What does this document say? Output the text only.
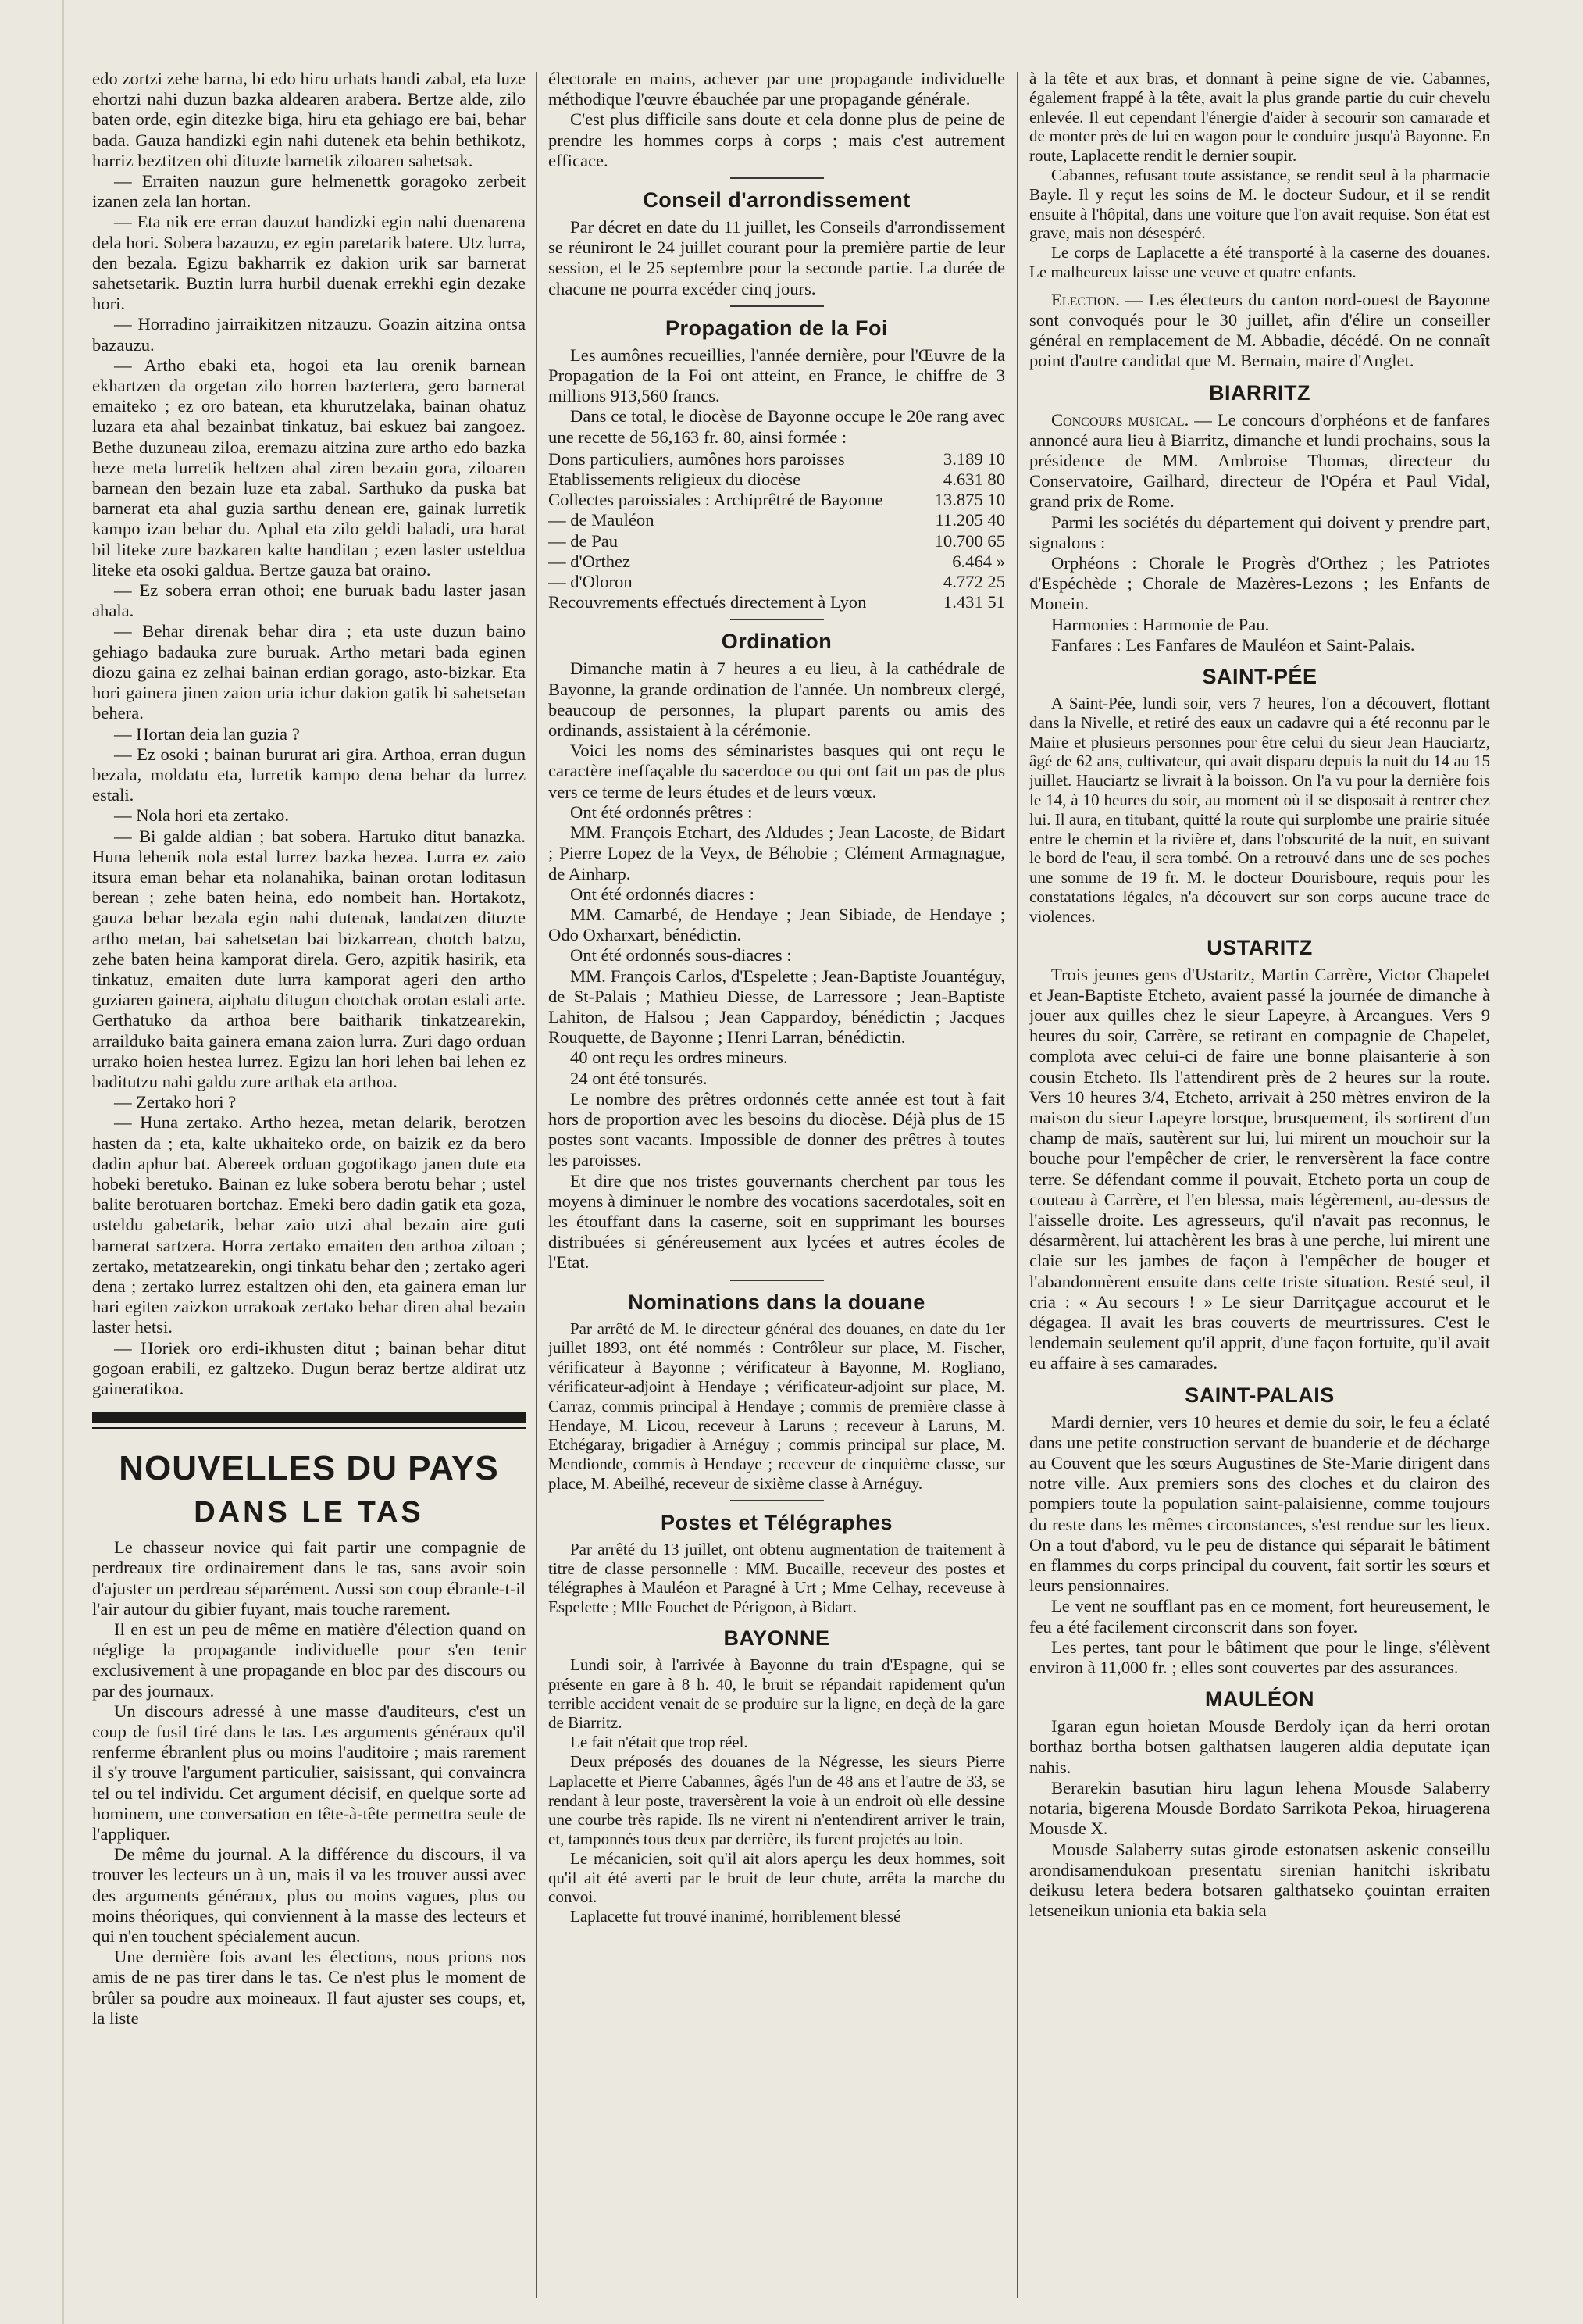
edo zortzi zehe barna, bi edo hiru urhats handi zabal, eta luze ehortzi nahi duzun bazka aldearen arabera. Bertze alde, zilo baten orde, egin ditezke biga, hiru eta gehiago ere bai, behar bada. Gauza handizki egin nahi dutenek eta behin bethikotz, harriz beztitzen ohi dituzte barnetik ziloaren sahetsak.

— Erraiten nauzun gure helmenettk goragoko zerbeit izanen zela lan hortan.

— Eta nik ere erran dauzut handizki egin nahi duenarena dela hori. Sobera bazauzu, ez egin paretarik batere. Utz lurra, den bezala. Egizu bakharrik ez dakion urik sar barnerat sahetsetarik. Buztin lurra hurbil duenak errekhi egin dezake hori.

— Horradino jairraikitzen nitzauzu. Goazin aitzina ontsa bazauzu.

— Artho ebaki eta, hogoi eta lau orenik barnean ekhartzen da orgetan zilo horren baztertera, gero barnerat emaiteko ; ez oro batean, eta khurutzelaka, bainan ohatuz luzara eta ahal bezainbat tinkatuz, bai eskuez bai zangoez. Bethe duzuneau ziloa, eremazu aitzina zure artho edo bazka heze meta lurretik heltzen ahal ziren bezain gora, ziloaren barnean den bezain luze eta zabal. Sarthuko da puska bat barnerat eta ahal guzia sarthu denean ere, gainak lurretik kampo izan behar du. Aphal eta zilo geldi baladi, ura harat bil liteke zure bazkaren kalte handitan ; ezen laster usteldua liteke eta osoki galdua. Bertze gauza bat oraino.

— Ez sobera erran othoi; ene buruak badu laster jasan ahala.

— Behar direnak behar dira ; eta uste duzun baino gehiago badauka zure buruak. Artho metari bada eginen diozu gaina ez zelhai bainan erdian gorago, asto-bizkar. Eta hori gainera jinen zaion uria ichur dakion gatik bi sahetsetan behera.

— Hortan deia lan guzia ?

— Ez osoki ; bainan bururat ari gira. Arthoa, erran dugun bezala, moldatu eta, lurretik kampo dena behar da lurrez estali.

— Nola hori eta zertako.

— Bi galde aldian ; bat sobera. Hartuko ditut banazka. Huna lehenik nola estal lurrez bazka hezea. Lurra ez zaio itsura eman behar eta nolanahika, bainan orotan loditasun berean ; zehe baten heina, edo nombeit han. Hortakotz, gauza behar bezala egin nahi dutenak, landatzen dituzte artho metan, bai sahetsetan bai bizkarrean, chotch batzu, zehe baten heina kamporat direla. Gero, azpitik hasirik, eta tinkatuz, emaiten dute lurra kamporat ageri den artho guziaren gainera, aiphatu ditugun chotchak orotan estali arte. Gerthatuko da arthoa bere baitharik tinkatzearekin, arrailduko baita gainera emana zaion lurra. Zuri dago orduan urrako hoien hestea lurrez. Egizu lan hori lehen bai lehen ez baditutzu nahi galdu zure arthak eta arthoa.

— Zertako hori ?

— Huna zertako. Artho hezea, metan delarik, berotzen hasten da ; eta, kalte ukhaiteko orde, on baizik ez da bero dadin aphur bat. Abereek orduan gogotikago janen dute eta hobeki beretuko. Bainan ez luke sobera berotu behar ; ustel balite berotuaren bortchaz. Emeki bero dadin gatik eta goza, usteldu gabetarik, behar zaio utzi ahal bezain aire guti barnerat sartzera. Horra zertako emaiten den arthoa ziloan ; zertako, metatzearekin, ongi tinkatu behar den ; zertako ageri dena ; zertako lurrez estaltzen ohi den, eta gainera eman lur hari egiten zaizkon urrakoak zertako behar diren ahal bezain laster hetsi.

— Horiek oro erdi-ikhusten ditut ; bainan behar ditut gogoan erabili, ez galtzeko. Dugun beraz bertze aldirat utz gaineratikoa.

NOUVELLES DU PAYS
DANS LE TAS

Le chasseur novice qui fait partir une compagnie de perdreaux tire ordinairement dans le tas, sans avoir soin d'ajuster un perdreau séparément. Aussi son coup ébranle-t-il l'air autour du gibier fuyant, mais touche rarement.

Il en est un peu de même en matière d'élection quand on néglige la propagande individuelle pour s'en tenir exclusivement à une propagande en bloc par des discours ou par des journaux.

Un discours adressé à une masse d'auditeurs, c'est un coup de fusil tiré dans le tas. Les arguments généraux qu'il renferme ébranlent plus ou moins l'auditoire ; mais rarement il s'y trouve l'argument particulier, saisissant, qui convaincra tel ou tel individu. Cet argument décisif, en quelque sorte ad hominem, une conversation en tête-à-tête permettra seule de l'appliquer.

De même du journal. A la différence du discours, il va trouver les lecteurs un à un, mais il va les trouver aussi avec des arguments généraux, plus ou moins vagues, plus ou moins théoriques, qui conviennent à la masse des lecteurs et qui n'en touchent spécialement aucun.

Une dernière fois avant les élections, nous prions nos amis de ne pas tirer dans le tas. Ce n'est plus le moment de brûler sa poudre aux moineaux. Il faut ajuster ses coups, et, la liste

électorale en mains, achever par une propagande individuelle méthodique l'œuvre ébauchée par une propagande générale.

C'est plus difficile sans doute et cela donne plus de peine de prendre les hommes corps à corps ; mais c'est autrement efficace.

Conseil d'arrondissement

Par décret en date du 11 juillet, les Conseils d'arrondissement se réuniront le 24 juillet courant pour la première partie de leur session, et le 25 septembre pour la seconde partie. La durée de chacune ne pourra excéder cinq jours.

Propagation de la Foi

Les aumônes recueillies, l'année dernière, pour l'Œuvre de la Propagation de la Foi ont atteint, en France, le chiffre de 3 millions 913,560 francs.

Dans ce total, le diocèse de Bayonne occupe le 20e rang avec une recette de 56,163 fr. 80, ainsi formée :

Dons particuliers, aumônes hors paroisses	3.189 10
Etablissements religieux du diocèse	4.631 80
Collectes paroissiales : Archiprêtré de Bayonne	13.875 10
— de Mauléon	11.205 40
— de Pau	10.700 65
— d'Orthez	6.464 »
— d'Oloron	4.772 25
Recouvrements effectués directement à Lyon	1.431 51
Ordination

Dimanche matin à 7 heures a eu lieu, à la cathédrale de Bayonne, la grande ordination de l'année. Un nombreux clergé, beaucoup de personnes, la plupart parents ou amis des ordinands, assistaient à la cérémonie.

Voici les noms des séminaristes basques qui ont reçu le caractère ineffaçable du sacerdoce ou qui ont fait un pas de plus vers ce terme de leurs études et de leurs vœux.

Ont été ordonnés prêtres :

MM. François Etchart, des Aldudes ; Jean Lacoste, de Bidart ; Pierre Lopez de la Veyx, de Béhobie ; Clément Armagnague, de Ainharp.

Ont été ordonnés diacres :

MM. Camarbé, de Hendaye ; Jean Sibiade, de Hendaye ; Odo Oxharxart, bénédictin.

Ont été ordonnés sous-diacres :

MM. François Carlos, d'Espelette ; Jean-Baptiste Jouantéguy, de St-Palais ; Mathieu Diesse, de Larressore ; Jean-Baptiste Lahiton, de Halsou ; Jean Cappardoy, bénédictin ; Jacques Rouquette, de Bayonne ; Henri Larran, bénédictin.

40 ont reçu les ordres mineurs.

24 ont été tonsurés.

Le nombre des prêtres ordonnés cette année est tout à fait hors de proportion avec les besoins du diocèse. Déjà plus de 15 postes sont vacants. Impossible de donner des prêtres à toutes les paroisses.

Et dire que nos tristes gouvernants cherchent par tous les moyens à diminuer le nombre des vocations sacerdotales, soit en les étouffant dans la caserne, soit en supprimant les bourses distribuées si généreusement aux lycées et autres écoles de l'Etat.

Nominations dans la douane

Par arrêté de M. le directeur général des douanes, en date du 1er juillet 1893, ont été nommés : Contrôleur sur place, M. Fischer, vérificateur à Bayonne ; vérificateur à Bayonne, M. Rogliano, vérificateur-adjoint à Hendaye ; vérificateur-adjoint sur place, M. Carraz, commis principal à Hendaye ; commis de première classe à Hendaye, M. Licou, receveur à Laruns ; receveur à Laruns, M. Etchégaray, brigadier à Arnéguy ; commis principal sur place, M. Mendionde, commis à Hendaye ; receveur de cinquième classe, sur place, M. Abeilhé, receveur de sixième classe à Arnéguy.

Postes et Télégraphes

Par arrêté du 13 juillet, ont obtenu augmentation de traitement à titre de classe personnelle : MM. Bucaille, receveur des postes et télégraphes à Mauléon et Paragné à Urt ; Mme Celhay, receveuse à Espelette ; Mlle Fouchet de Périgoon, à Bidart.

BAYONNE

Lundi soir, à l'arrivée à Bayonne du train d'Espagne, qui se présente en gare à 8 h. 40, le bruit se répandait rapidement qu'un terrible accident venait de se produire sur la ligne, en deçà de la gare de Biarritz.

Le fait n'était que trop réel.

Deux préposés des douanes de la Négresse, les sieurs Pierre Laplacette et Pierre Cabannes, âgés l'un de 48 ans et l'autre de 33, se rendant à leur poste, traversèrent la voie à un endroit où elle dessine une courbe très rapide. Ils ne virent ni n'entendirent arriver le train, et, tamponnés tous deux par derrière, ils furent projetés au loin.

Le mécanicien, soit qu'il ait alors aperçu les deux hommes, soit qu'il ait été averti par le bruit de leur chute, arrêta la marche du convoi.

Laplacette fut trouvé inanimé, horriblement blessé

à la tête et aux bras, et donnant à peine signe de vie. Cabannes, également frappé à la tête, avait la plus grande partie du cuir chevelu enlevée. Il eut cependant l'énergie d'aider à secourir son camarade et de monter près de lui en wagon pour le conduire jusqu'à Bayonne. En route, Laplacette rendit le dernier soupir.

Cabannes, refusant toute assistance, se rendit seul à la pharmacie Bayle. Il y reçut les soins de M. le docteur Sudour, et il se rendit ensuite à l'hôpital, dans une voiture que l'on avait requise. Son état est grave, mais non désespéré.

Le corps de Laplacette a été transporté à la caserne des douanes. Le malheureux laisse une veuve et quatre enfants.

Election. — Les électeurs du canton nord-ouest de Bayonne sont convoqués pour le 30 juillet, afin d'élire un conseiller général en remplacement de M. Abbadie, décédé. On ne connaît point d'autre candidat que M. Bernain, maire d'Anglet.

BIARRITZ

Concours musical. — Le concours d'orphéons et de fanfares annoncé aura lieu à Biarritz, dimanche et lundi prochains, sous la présidence de MM. Ambroise Thomas, directeur du Conservatoire, Gailhard, directeur de l'Opéra et Paul Vidal, grand prix de Rome.

Parmi les sociétés du département qui doivent y prendre part, signalons :

Orphéons : Chorale le Progrès d'Orthez ; les Patriotes d'Espéchède ; Chorale de Mazères-Lezons ; les Enfants de Monein.

Harmonies : Harmonie de Pau.

Fanfares : Les Fanfares de Mauléon et Saint-Palais.

SAINT-PÉE

A Saint-Pée, lundi soir, vers 7 heures, l'on a découvert, flottant dans la Nivelle, et retiré des eaux un cadavre qui a été reconnu par le Maire et plusieurs personnes pour être celui du sieur Jean Hauciartz, âgé de 62 ans, cultivateur, qui avait disparu depuis la nuit du 14 au 15 juillet. Hauciartz se livrait à la boisson. On l'a vu pour la dernière fois le 14, à 10 heures du soir, au moment où il se disposait à rentrer chez lui. Il aura, en titubant, quitté la route qui surplombe une prairie située entre le chemin et la rivière et, dans l'obscurité de la nuit, en suivant le bord de l'eau, il sera tombé. On a retrouvé dans une de ses poches une somme de 19 fr. M. le docteur Dourisboure, requis pour les constatations légales, n'a découvert sur son corps aucune trace de violences.

USTARITZ

Trois jeunes gens d'Ustaritz, Martin Carrère, Victor Chapelet et Jean-Baptiste Etcheto, avaient passé la journée de dimanche à jouer aux quilles chez le sieur Lapeyre, à Arcangues. Vers 9 heures du soir, Carrère, se retirant en compagnie de Chapelet, complota avec celui-ci de faire une bonne plaisanterie à son cousin Etcheto. Ils l'attendirent près de 2 heures sur la route. Vers 10 heures 3/4, Etcheto, arrivait à 250 mètres environ de la maison du sieur Lapeyre lorsque, brusquement, ils sortirent d'un champ de maïs, sautèrent sur lui, lui mirent un mouchoir sur la bouche pour l'empêcher de crier, le renversèrent la face contre terre. Se défendant comme il pouvait, Etcheto porta un coup de couteau à Carrère, et l'en blessa, mais légèrement, au-dessus de l'aisselle droite. Les agresseurs, qu'il n'avait pas reconnus, le désarmèrent, lui attachèrent les bras à une perche, lui mirent une claie sur les jambes de façon à l'empêcher de bouger et l'abandonnèrent ensuite dans cette triste situation. Resté seul, il cria : « Au secours ! » Le sieur Darritçague accourut et le dégagea. Il avait les bras couverts de meurtrissures. C'est le lendemain seulement qu'il apprit, d'une façon fortuite, qu'il avait eu affaire à ses camarades.

SAINT-PALAIS

Mardi dernier, vers 10 heures et demie du soir, le feu a éclaté dans une petite construction servant de buanderie et de décharge au Couvent que les sœurs Augustines de Ste-Marie dirigent dans notre ville. Aux premiers sons des cloches et du clairon des pompiers toute la population saint-palaisienne, comme toujours du reste dans les mêmes circonstances, s'est rendue sur les lieux. On a tout d'abord, vu le peu de distance qui séparait le bâtiment en flammes du corps principal du couvent, fait sortir les sœurs et leurs pensionnaires.

Le vent ne soufflant pas en ce moment, fort heureusement, le feu a été facilement circonscrit dans son foyer.

Les pertes, tant pour le bâtiment que pour le linge, s'élèvent environ à 11,000 fr. ; elles sont couvertes par des assurances.

MAULÉON

Igaran egun hoietan Mousde Berdoly içan da herri orotan borthaz bortha botsen galthatsen laugeren aldia deputate içan nahis.

Berarekin basutian hiru lagun lehena Mousde Salaberry notaria, bigerena Mousde Bordato Sarrikota Pekoa, hiruagerena Mousde X.

Mousde Salaberry sutas girode estonatsen askenic conseillu arondisamendukoan presentatu sirenian hanitchi iskribatu deikusu letera bedera botsaren galthatseko çouintan erraiten letseneikun unionia eta bakia sela
